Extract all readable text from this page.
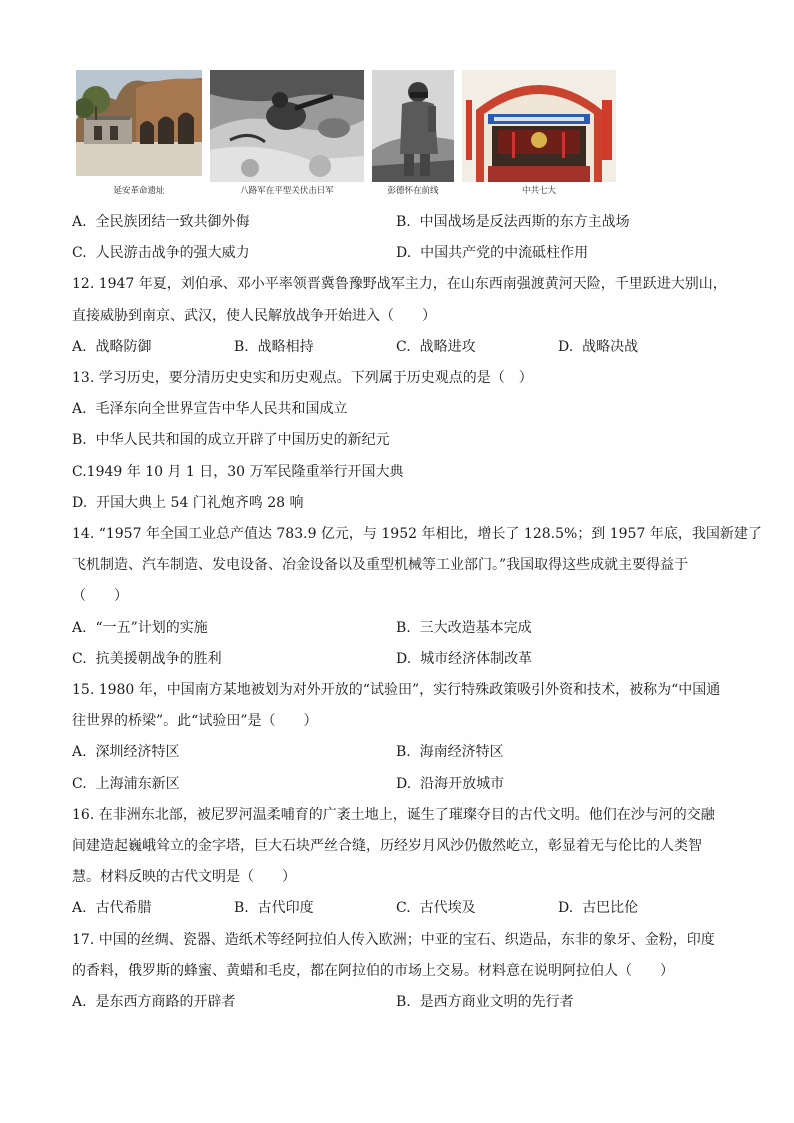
延安革命遗址	八路军在平型关伏击日军	彭德怀在前线	中共七大
A. 全民族团结一致共御外侮	B. 中国战场是反法西斯的东方主战场
C. 人民游击战争的强大威力	D. 中国共产党的中流砥柱作用
12. 1947 年夏，刘伯承、邓小平率领晋冀鲁豫野战军主力，在山东西南强渡黄河天险，千里跃进大别山，
直接威胁到南京、武汉，使人民解放战争开始进入（　　）
A. 战略防御	B. 战略相持	C. 战略进攻	D. 战略决战
13. 学习历史，要分清历史史实和历史观点。下列属于历史观点的是（　）
A. 毛泽东向全世界宣告中华人民共和国成立
B. 中华人民共和国的成立开辟了中国历史的新纪元
C.1949 年 10 月 1 日，30 万军民隆重举行开国大典
D. 开国大典上 54 门礼炮齐鸣 28 响
14. “1957 年全国工业总产值达 783.9 亿元，与 1952 年相比，增长了 128.5%；到 1957 年底，我国新建了
飞机制造、汽车制造、发电设备、冶金设备以及重型机械等工业部门。”我国取得这些成就主要得益于
（　　）
A. “一五”计划的实施	B. 三大改造基本完成
C. 抗美援朝战争的胜利	D. 城市经济体制改革
15. 1980 年，中国南方某地被划为对外开放的“试验田”，实行特殊政策吸引外资和技术，被称为“中国通
往世界的桥梁”。此“试验田”是（　　）
A. 深圳经济特区	B. 海南经济特区
C. 上海浦东新区	D. 沿海开放城市
16. 在非洲东北部，被尼罗河温柔哺育的广袤土地上，诞生了璀璨夺目的古代文明。他们在沙与河的交融
间建造起巍峨耸立的金字塔，巨大石块严丝合缝，历经岁月风沙仍傲然屹立，彰显着无与伦比的人类智
慧。材料反映的古代文明是（　　）
A. 古代希腊	B. 古代印度	C. 古代埃及	D. 古巴比伦
17. 中国的丝绸、瓷器、造纸术等经阿拉伯人传入欧洲；中亚的宝石、织造品，东非的象牙、金粉，印度
的香料，俄罗斯的蜂蜜、黄蜡和毛皮，都在阿拉伯的市场上交易。材料意在说明阿拉伯人（　　）
A. 是东西方商路的开辟者	B. 是西方商业文明的先行者
